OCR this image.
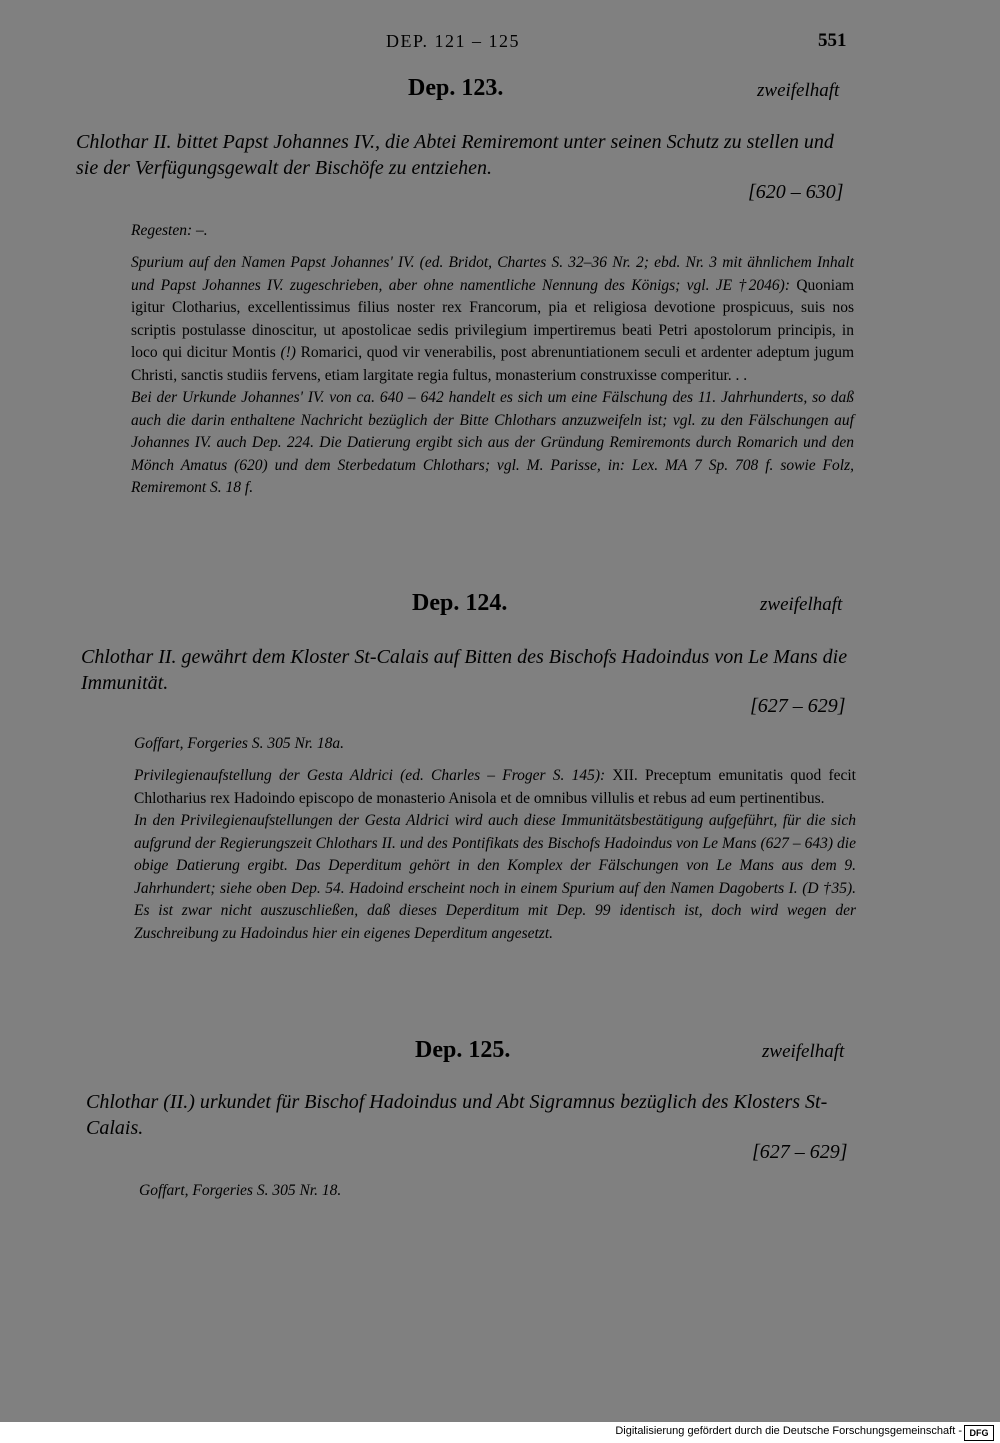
DEP. 121 – 125	551
Dep. 123.	zweifelhaft
Chlothar II. bittet Papst Johannes IV., die Abtei Remiremont unter seinen Schutz zu stellen und sie der Verfügungsgewalt der Bischöfe zu entziehen.
[620 – 630]
Regesten: –.

Spurium auf den Namen Papst Johannes' IV. (ed. Bridot, Chartes S. 32–36 Nr. 2; ebd. Nr. 3 mit ähnlichem Inhalt und Papst Johannes IV. zugeschrieben, aber ohne namentliche Nennung des Königs; vgl. JE †2046): Quoniam igitur Clotharius, excellentissimus filius noster rex Francorum, pia et religiosa devotione prospicuus, suis nos scriptis postulasse dinoscitur, ut apostolicae sedis privilegium impertiremus beati Petri apostolorum principis, in loco qui dicitur Montis (!) Romarici, quod vir venerabilis, post abrenuntiationem seculi et ardenter adeptum jugum Christi, sanctis studiis fervens, etiam largitate regia fultus, monasterium construxisse comperitur. . .

Bei der Urkunde Johannes' IV. von ca. 640 – 642 handelt es sich um eine Fälschung des 11. Jahrhunderts, so daß auch die darin enthaltene Nachricht bezüglich der Bitte Chlothars anzuzweifeln ist; vgl. zu den Fälschungen auf Johannes IV. auch Dep. 224. Die Datierung ergibt sich aus der Gründung Remiremonts durch Romarich und den Mönch Amatus (620) und dem Sterbedatum Chlothars; vgl. M. Parisse, in: Lex. MA 7 Sp. 708 f. sowie Folz, Remiremont S. 18 f.

Dep. 124.	zweifelhaft
Chlothar II. gewährt dem Kloster St-Calais auf Bitten des Bischofs Hadoindus von Le Mans die Immunität.
[627 – 629]
Goffart, Forgeries S. 305 Nr. 18a.

Privilegienaufstellung der Gesta Aldrici (ed. Charles – Froger S. 145): XII. Preceptum emunitatis quod fecit Chlotharius rex Hadoindo episcopo de monasterio Anisola et de omnibus villulis et rebus ad eum pertinentibus.

In den Privilegienaufstellungen der Gesta Aldrici wird auch diese Immunitätsbestätigung aufgeführt, für die sich aufgrund der Regierungszeit Chlothars II. und des Pontifikats des Bischofs Hadoindus von Le Mans (627 – 643) die obige Datierung ergibt. Das Deperditum gehört in den Komplex der Fälschungen von Le Mans aus dem 9. Jahrhundert; siehe oben Dep. 54. Hadoind erscheint noch in einem Spurium auf den Namen Dagoberts I. (D †35). Es ist zwar nicht auszuschließen, daß dieses Deperditum mit Dep. 99 identisch ist, doch wird wegen der Zuschreibung zu Hadoindus hier ein eigenes Deperditum angesetzt.

Dep. 125.	zweifelhaft
Chlothar (II.) urkundet für Bischof Hadoindus und Abt Sigramnus bezüglich des Klosters St-Calais.
[627 – 629]
Goffart, Forgeries S. 305 Nr. 18.
Digitalisierung gefördert durch die Deutsche Forschungsgemeinschaft - DFG
